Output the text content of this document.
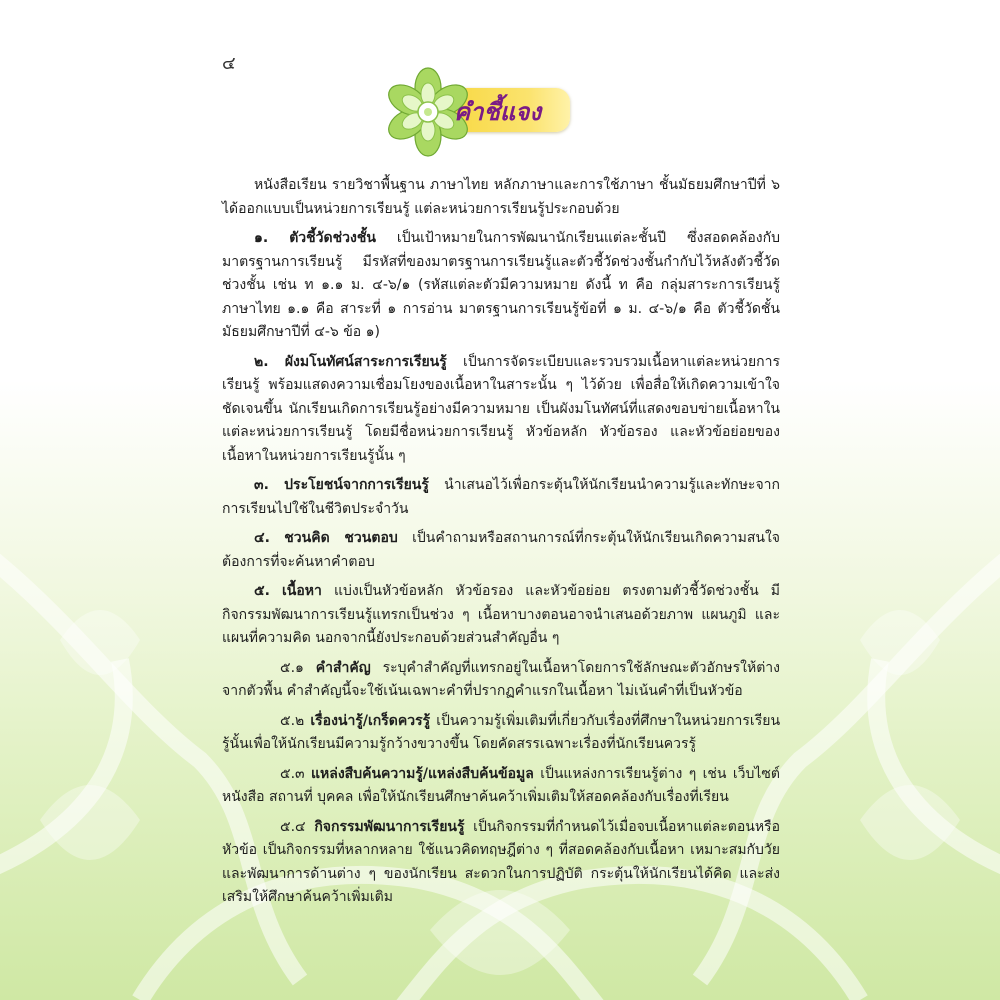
๔
คำชี้แจง

หนังสือเรียน รายวิชาพื้นฐาน ภาษาไทย หลักภาษาและการใช้ภาษา ชั้นมัธยมศึกษาปีที่ ๖ ได้ออกแบบเป็นหน่วยการเรียนรู้ แต่ละหน่วยการเรียนรู้ประกอบด้วย

๑. ตัวชี้วัดช่วงชั้น เป็นเป้าหมายในการพัฒนานักเรียนแต่ละชั้นปี ซึ่งสอดคล้องกับมาตรฐานการเรียนรู้ มีรหัสที่ของมาตรฐานการเรียนรู้และตัวชี้วัดช่วงชั้นกำกับไว้หลังตัวชี้วัดช่วงชั้น เช่น ท ๑.๑ ม. ๔-๖/๑ (รหัสแต่ละตัวมีความหมาย ดังนี้ ท คือ กลุ่มสาระการเรียนรู้ภาษาไทย ๑.๑ คือ สาระที่ ๑ การอ่าน มาตรฐานการเรียนรู้ข้อที่ ๑ ม. ๔-๖/๑ คือ ตัวชี้วัดชั้นมัธยมศึกษาปีที่ ๔-๖ ข้อ ๑)

๒. ผังมโนทัศน์สาระการเรียนรู้ เป็นการจัดระเบียบและรวบรวมเนื้อหาแต่ละหน่วยการเรียนรู้ พร้อมแสดงความเชื่อมโยงของเนื้อหาในสาระนั้น ๆ ไว้ด้วย เพื่อสื่อให้เกิดความเข้าใจชัดเจนขึ้น นักเรียนเกิดการเรียนรู้อย่างมีความหมาย เป็นผังมโนทัศน์ที่แสดงขอบข่ายเนื้อหาในแต่ละหน่วยการเรียนรู้ โดยมีชื่อหน่วยการเรียนรู้ หัวข้อหลัก หัวข้อรอง และหัวข้อย่อยของเนื้อหาในหน่วยการเรียนรู้นั้น ๆ

๓. ประโยชน์จากการเรียนรู้ นำเสนอไว้เพื่อกระตุ้นให้นักเรียนนำความรู้และทักษะจากการเรียนไปใช้ในชีวิตประจำวัน

๔. ชวนคิด ชวนตอบ เป็นคำถามหรือสถานการณ์ที่กระตุ้นให้นักเรียนเกิดความสนใจต้องการที่จะค้นหาคำตอบ

๕. เนื้อหา แบ่งเป็นหัวข้อหลัก หัวข้อรอง และหัวข้อย่อย ตรงตามตัวชี้วัดช่วงชั้น มีกิจกรรมพัฒนาการเรียนรู้แทรกเป็นช่วง ๆ เนื้อหาบางตอนอาจนำเสนอด้วยภาพ แผนภูมิ และแผนที่ความคิด นอกจากนี้ยังประกอบด้วยส่วนสำคัญอื่น ๆ

๕.๑ คำสำคัญ ระบุคำสำคัญที่แทรกอยู่ในเนื้อหาโดยการใช้ลักษณะตัวอักษรให้ต่างจากตัวพื้น คำสำคัญนี้จะใช้เน้นเฉพาะคำที่ปรากฏคำแรกในเนื้อหา ไม่เน้นคำที่เป็นหัวข้อ

๕.๒ เรื่องน่ารู้/เกร็ดควรรู้ เป็นความรู้เพิ่มเติมที่เกี่ยวกับเรื่องที่ศึกษาในหน่วยการเรียนรู้นั้นเพื่อให้นักเรียนมีความรู้กว้างขวางขึ้น โดยคัดสรรเฉพาะเรื่องที่นักเรียนควรรู้

๕.๓ แหล่งสืบค้นความรู้/แหล่งสืบค้นข้อมูล เป็นแหล่งการเรียนรู้ต่าง ๆ เช่น เว็บไซต์ หนังสือ สถานที่ บุคคล เพื่อให้นักเรียนศึกษาค้นคว้าเพิ่มเติมให้สอดคล้องกับเรื่องที่เรียน

๕.๔ กิจกรรมพัฒนาการเรียนรู้ เป็นกิจกรรมที่กำหนดไว้เมื่อจบเนื้อหาแต่ละตอนหรือหัวข้อ เป็นกิจกรรมที่หลากหลาย ใช้แนวคิดทฤษฎีต่าง ๆ ที่สอดคล้องกับเนื้อหา เหมาะสมกับวัยและพัฒนาการด้านต่าง ๆ ของนักเรียน สะดวกในการปฏิบัติ กระตุ้นให้นักเรียนได้คิด และส่งเสริมให้ศึกษาค้นคว้าเพิ่มเติม
